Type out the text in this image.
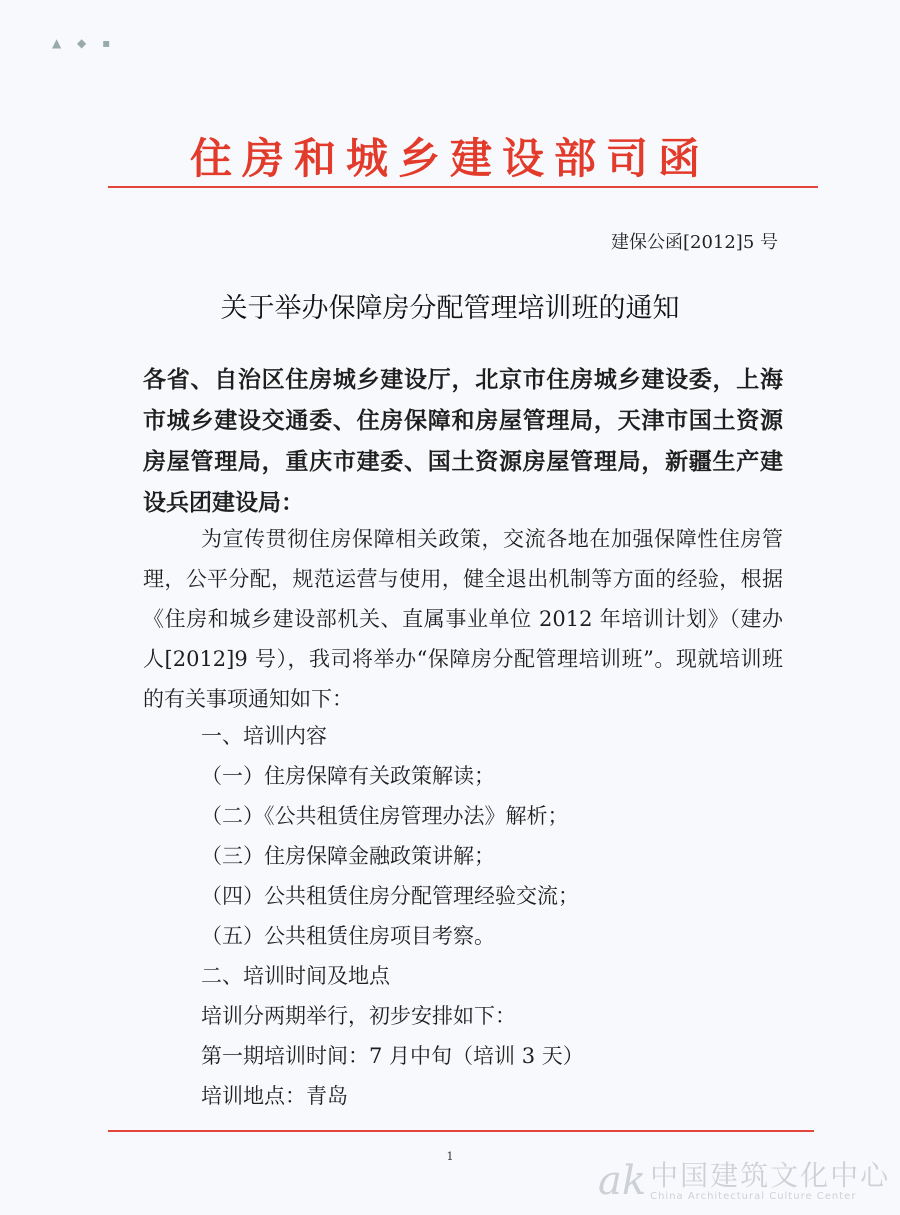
▲ ◆ ▪
住房和城乡建设部司函
建保公函[2012]5 号
关于举办保障房分配管理培训班的通知
各省、自治区住房城乡建设厅，北京市住房城乡建设委，上海市城乡建设交通委、住房保障和房屋管理局，天津市国土资源房屋管理局，重庆市建委、国土资源房屋管理局，新疆生产建设兵团建设局：
为宣传贯彻住房保障相关政策，交流各地在加强保障性住房管理，公平分配，规范运营与使用，健全退出机制等方面的经验，根据《住房和城乡建设部机关、直属事业单位 2012 年培训计划》（建办人[2012]9 号），我司将举办“保障房分配管理培训班”。现就培训班的有关事项通知如下：
一、培训内容
（一）住房保障有关政策解读；
（二）《公共租赁住房管理办法》解析；
（三）住房保障金融政策讲解；
（四）公共租赁住房分配管理经验交流；
（五）公共租赁住房项目考察。
二、培训时间及地点
培训分两期举行，初步安排如下：
第一期培训时间：7 月中旬（培训 3 天）
培训地点：青岛
1
ak 中国建筑文化中心
China Architectural Culture Center
